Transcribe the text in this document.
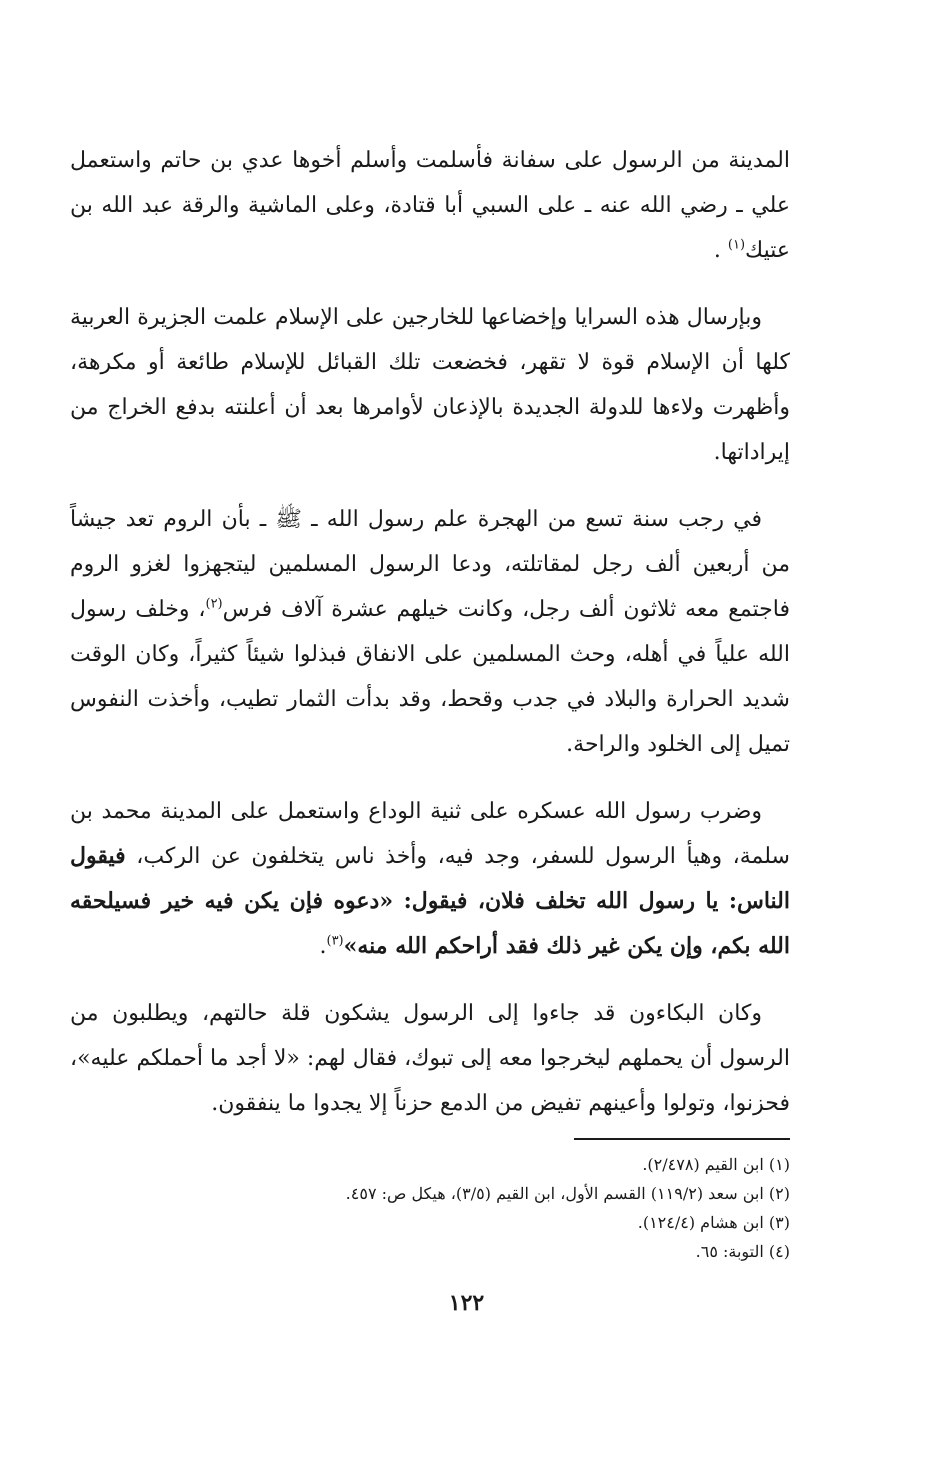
المدينة من الرسول على سفانة فأسلمت وأسلم أخوها عدي بن حاتم واستعمل علي ـ رضي الله عنه ـ على السبي أبا قتادة، وعلى الماشية والرقة عبد الله بن عتيك$^{(١)}$ .

وبإرسال هذه السرايا وإخضاعها للخارجين على الإسلام علمت الجزيرة العربية كلها أن الإسلام قوة لا تقهر، فخضعت تلك القبائل للإسلام طائعة أو مكرهة، وأظهرت ولاءها للدولة الجديدة بالإذعان لأوامرها بعد أن أعلنته بدفع الخراج من إيراداتها.

في رجب سنة تسع من الهجرة علم رسول الله ـ ﷺ ـ بأن الروم تعد جيشاً من أربعين ألف رجل لمقاتلته، ودعا الرسول المسلمين ليتجهزوا لغزو الروم فاجتمع معه ثلاثون ألف رجل، وكانت خيلهم عشرة آلاف فرس$^{(٢)}$، وخلف رسول الله علياً في أهله، وحث المسلمين على الانفاق فبذلوا شيئاً كثيراً، وكان الوقت شديد الحرارة والبلاد في جدب وقحط، وقد بدأت الثمار تطيب، وأخذت النفوس تميل إلى الخلود والراحة.

وضرب رسول الله عسكره على ثنية الوداع واستعمل على المدينة محمد بن سلمة، وهيأ الرسول للسفر، وجد فيه، وأخذ ناس يتخلفون عن الركب، فيقول الناس: يا رسول الله تخلف فلان، فيقول: «دعوه فإن يكن فيه خير فسيلحقه الله بكم، وإن يكن غير ذلك فقد أراحكم الله منه»$^{(٣)}$.

وكان البكاءون قد جاءوا إلى الرسول يشكون قلة حالتهم، ويطلبون من الرسول أن يحملهم ليخرجوا معه إلى تبوك، فقال لهم: «لا أجد ما أحملكم عليه»، فحزنوا، وتولوا وأعينهم تفيض من الدمع حزناً إلا يجدوا ما ينفقون.

(١) ابن القيم (٢/٤٧٨).

(٢) ابن سعد (١١٩/٢) القسم الأول، ابن القيم (٣/٥)، هيكل ص: ٤٥٧.

(٣) ابن هشام (١٢٤/٤).

(٤) التوبة: ٦٥.

١٢٢
